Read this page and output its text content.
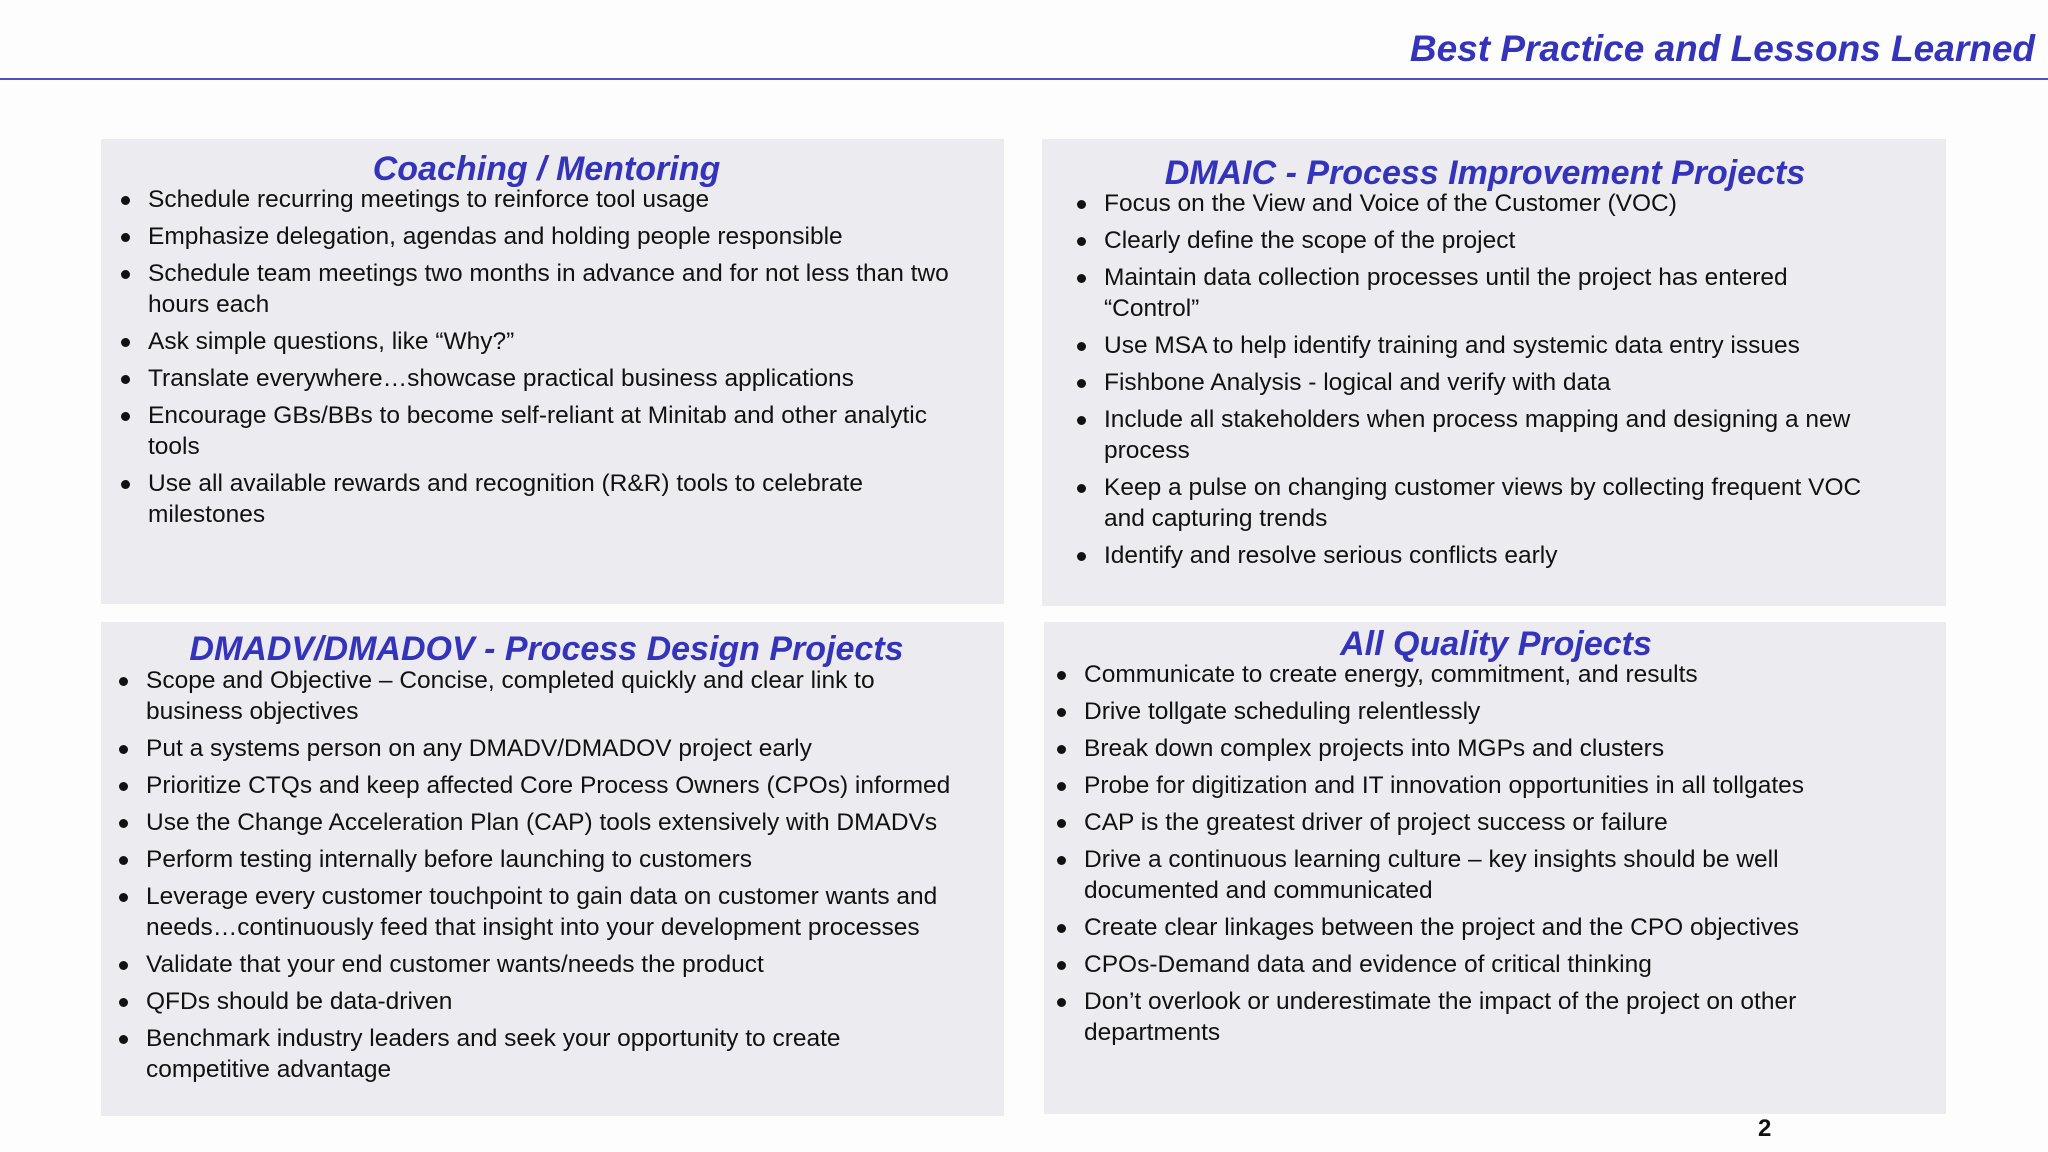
Best Practice and Lessons Learned
Coaching / Mentoring
Schedule recurring meetings to reinforce tool usage
Emphasize delegation, agendas and holding people responsible
Schedule team meetings two months in advance and for not less than two
hours each
Ask simple questions, like “Why?”
Translate everywhere…showcase practical business applications
Encourage GBs/BBs to become self-reliant at Minitab and other analytic
tools
Use all available rewards and recognition (R&R) tools to celebrate
milestones
DMAIC - Process Improvement Projects
Focus on the View and Voice of the Customer (VOC)
Clearly define the scope of the project
Maintain data collection processes until the project has entered
“Control”
Use MSA to help identify training and systemic data entry issues
Fishbone Analysis - logical and verify with data
Include all stakeholders when process mapping and designing a new
process
Keep a pulse on changing customer views by collecting frequent VOC
and capturing trends
Identify and resolve serious conflicts early
DMADV/DMADOV - Process Design Projects
Scope and Objective – Concise, completed quickly and clear link to
business objectives
Put a systems person on any DMADV/DMADOV project early
Prioritize CTQs and keep affected Core Process Owners (CPOs) informed
Use the Change Acceleration Plan (CAP) tools extensively with DMADVs
Perform testing internally before launching to customers
Leverage every customer touchpoint to gain data on customer wants and
needs…continuously feed that insight into your development processes
Validate that your end customer wants/needs the product
QFDs should be data-driven
Benchmark industry leaders and seek your opportunity to create
competitive advantage
All Quality Projects
Communicate to create energy, commitment, and results
Drive tollgate scheduling relentlessly
Break down complex projects into MGPs and clusters
Probe for digitization and IT innovation opportunities in all tollgates
CAP is the greatest driver of project success or failure
Drive a continuous learning culture – key insights should be well
documented and communicated
Create clear linkages between the project and the CPO objectives
CPOs-Demand data and evidence of critical thinking
Don’t overlook or underestimate the impact of the project on other
departments
2
